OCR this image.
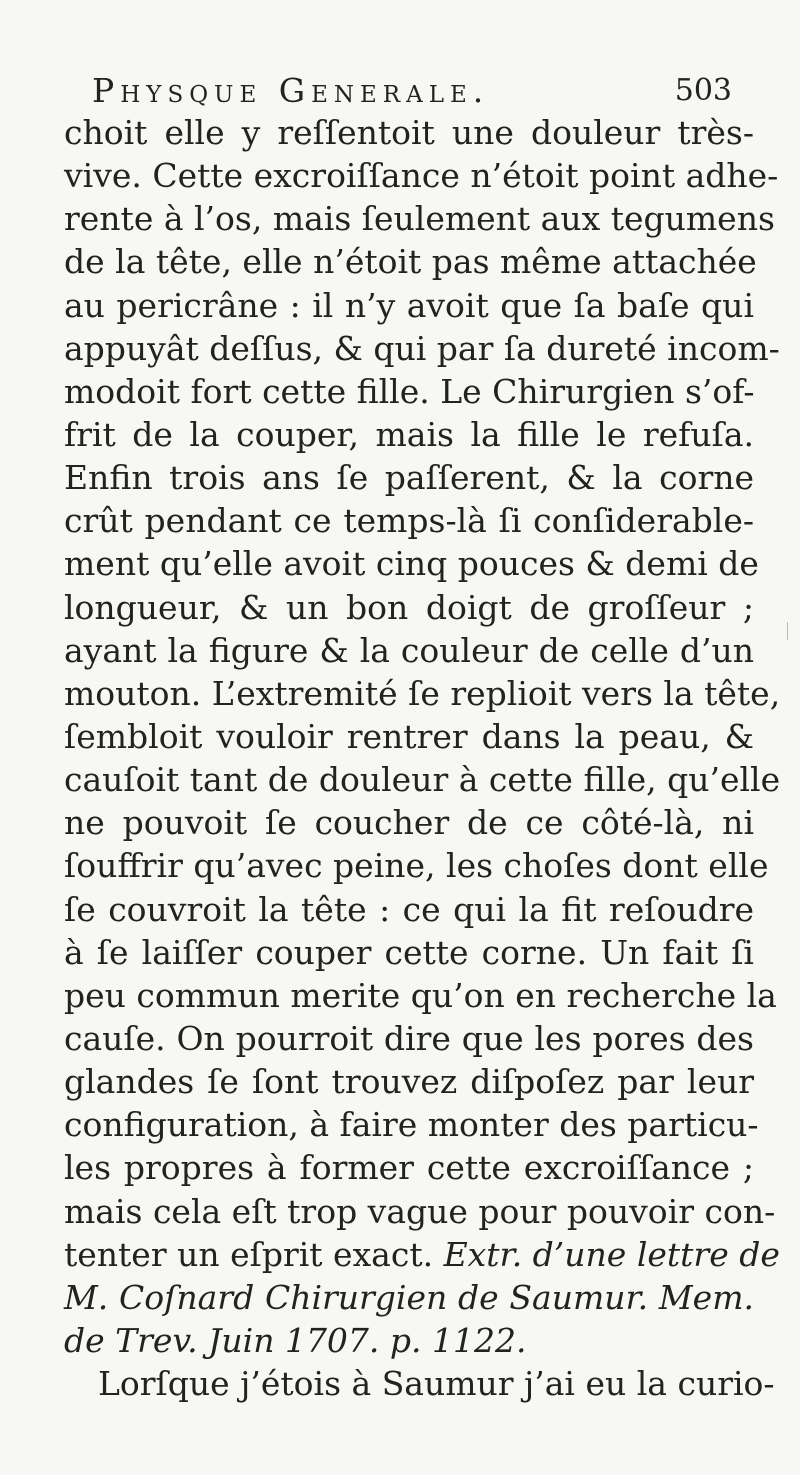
Physque Generale.	503
choit elle y reſſentoit une douleur très-
vive. Cette excroiſſance n’étoit point adhe-
rente à l’os, mais ſeulement aux tegumens
de la tête, elle n’étoit pas même attachée
au pericrâne : il n’y avoit que ſa baſe qui
appuyât deſſus, & qui par ſa dureté incom-
modoit fort cette fille. Le Chirurgien s’of-
frit de la couper, mais la fille le refuſa.
Enfin trois ans ſe paſſerent, & la corne
crût pendant ce temps-là ſi conſiderable-
ment qu’elle avoit cinq pouces & demi de
longueur, & un bon doigt de groſſeur ;
ayant la figure & la couleur de celle d’un
mouton. L’extremité ſe replioit vers la tête,
ſembloit vouloir rentrer dans la peau, &
cauſoit tant de douleur à cette fille, qu’elle
ne pouvoit ſe coucher de ce côté-là, ni
ſouffrir qu’avec peine, les choſes dont elle
ſe couvroit la tête : ce qui la fit reſoudre
à ſe laiſſer couper cette corne. Un fait ſi
peu commun merite qu’on en recherche la
cauſe. On pourroit dire que les pores des
glandes ſe ſont trouvez diſpoſez par leur
configuration, à faire monter des particu-
les propres à former cette excroiſſance ;
mais cela eſt trop vague pour pouvoir con-
tenter un eſprit exact. Extr. d’une lettre de
M. Coſnard Chirurgien de Saumur. Mem.
de Trev. Juin 1707. p. 1122.
Lorſque j’étois à Saumur j’ai eu la curio-
